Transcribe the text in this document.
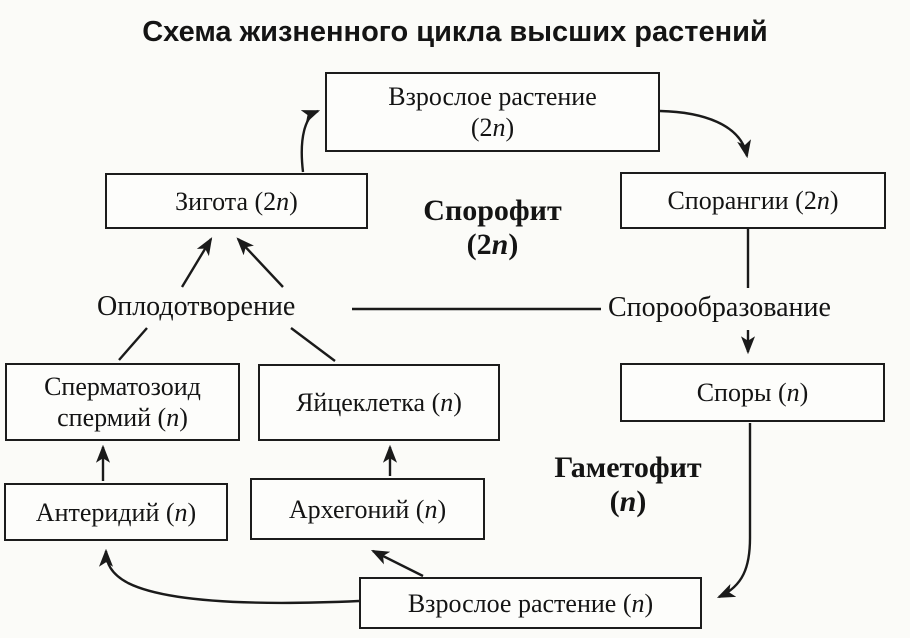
Схема жизненного цикла высших растений
Взрослое растение
(2n)
Зигота (2n)	Спорангии (2n)
Спорофит
(2n)
Оплодотворение	Спорообразование
Сперматозоид
спермий (n)
Яйцеклетка (n)	Споры (n)
Гаметофит
(n)
Антеридий (n)	Архегоний (n)
Взрослое растение (n)
